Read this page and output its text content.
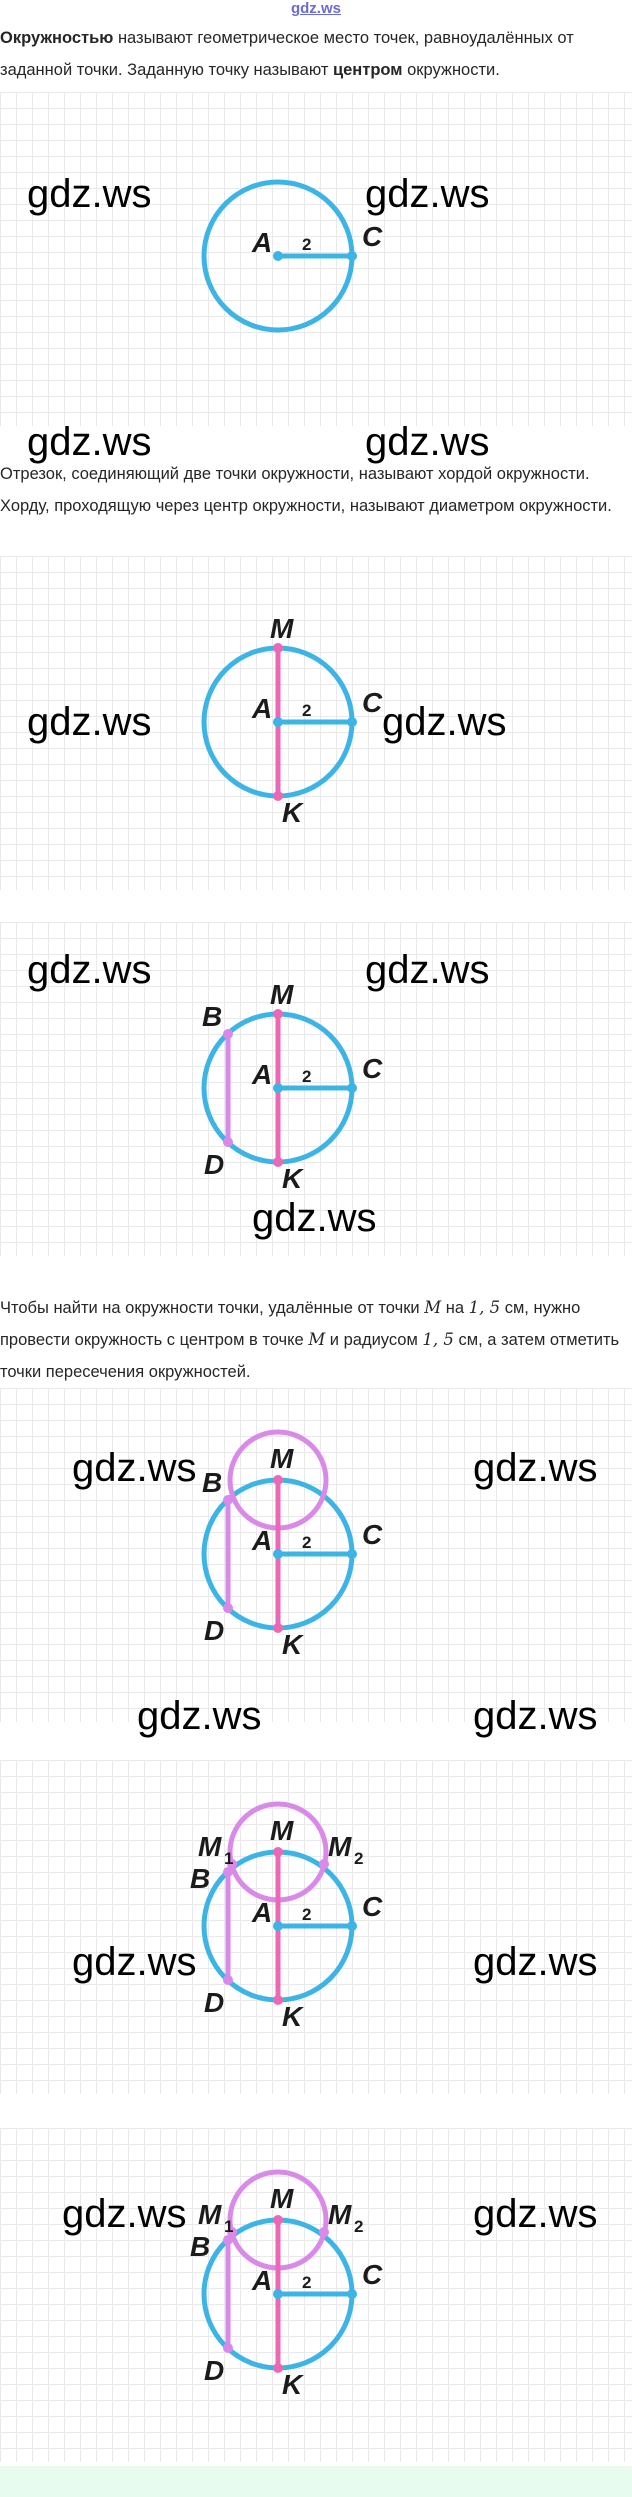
gdz.ws
Окружностью называют геометрическое место точек, равноудалённых от заданной точки. Заданную точку называют центром окружности.
A	C
2
gdz.ws	gdz.ws
gdz.ws	gdz.ws
Отрезок, соединяющий две точки окружности, называют хордой окружности. Хорду, проходящую через центр окружности, называют диаметром окружности.
M
K
A	C
2
gdz.ws	gdz.ws
B
D
M
K
A	C
2
gdz.ws	gdz.ws
gdz.ws
Чтобы найти на окружности точки, удалённые от точки M на 1, 5 см, нужно провести окружность с центром в точке M и радиусом 1, 5 см, а затем отметить точки пересечения окружностей.
B
D
M
K
A	C
2
gdz.ws	gdz.ws
gdz.ws	gdz.ws
M 1	M 2
B
D
M
K
A	C
2
gdz.ws	gdz.ws
M 1	M 2
B
D
M
K
A	C
2
gdz.ws	gdz.ws
